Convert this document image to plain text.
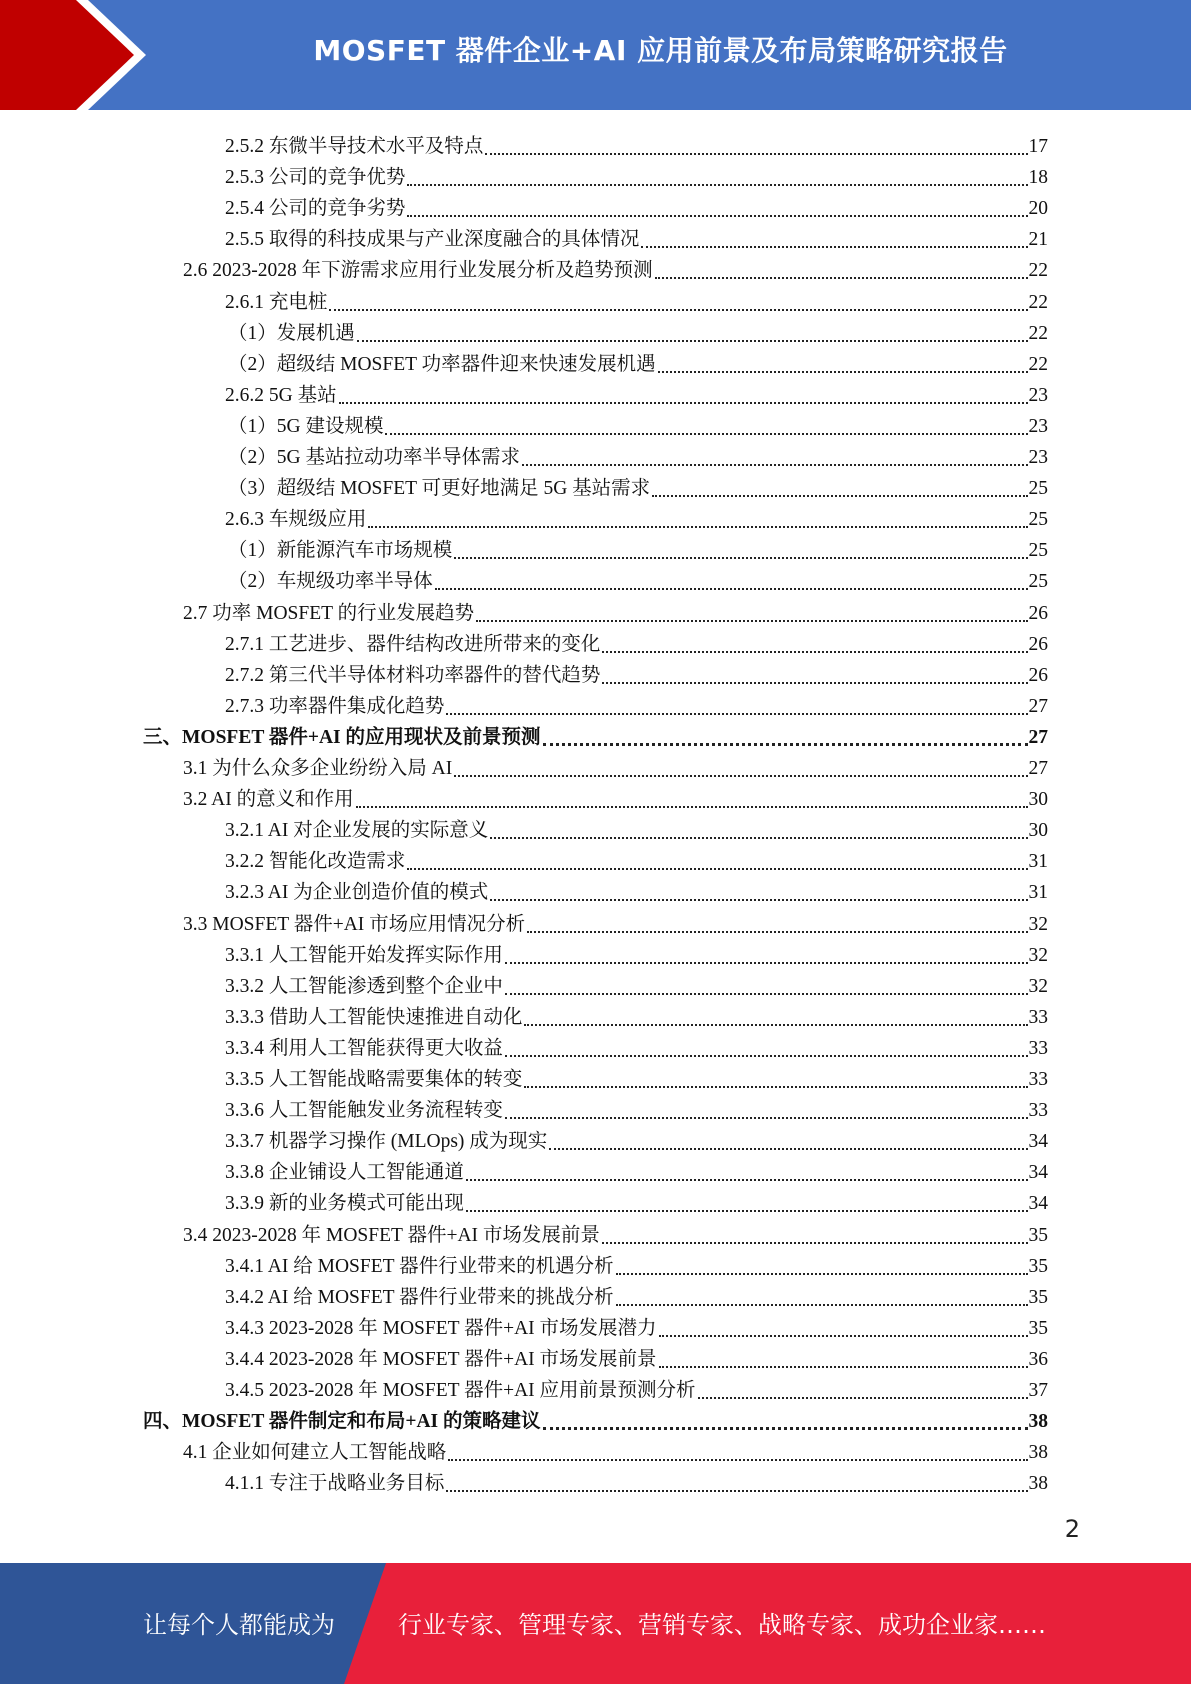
MOSFET 器件企业+AI 应用前景及布局策略研究报告
2.5.2 东微半导技术水平及特点	17
2.5.3 公司的竞争优势	18
2.5.4 公司的竞争劣势	20
2.5.5 取得的科技成果与产业深度融合的具体情况	21
2.6 2023-2028 年下游需求应用行业发展分析及趋势预测	22
2.6.1 充电桩	22
（1）发展机遇	22
（2）超级结 MOSFET 功率器件迎来快速发展机遇	22
2.6.2 5G 基站	23
（1）5G 建设规模	23
（2）5G 基站拉动功率半导体需求	23
（3）超级结 MOSFET 可更好地满足 5G 基站需求	25
2.6.3 车规级应用	25
（1）新能源汽车市场规模	25
（2）车规级功率半导体	25
2.7 功率 MOSFET 的行业发展趋势	26
2.7.1 工艺进步、器件结构改进所带来的变化	26
2.7.2 第三代半导体材料功率器件的替代趋势	26
2.7.3 功率器件集成化趋势	27
三、MOSFET 器件+AI 的应用现状及前景预测	27
3.1 为什么众多企业纷纷入局 AI	27
3.2 AI 的意义和作用	30
3.2.1 AI 对企业发展的实际意义	30
3.2.2 智能化改造需求	31
3.2.3 AI 为企业创造价值的模式	31
3.3 MOSFET 器件+AI 市场应用情况分析	32
3.3.1 人工智能开始发挥实际作用	32
3.3.2 人工智能渗透到整个企业中	32
3.3.3 借助人工智能快速推进自动化	33
3.3.4 利用人工智能获得更大收益	33
3.3.5 人工智能战略需要集体的转变	33
3.3.6 人工智能触发业务流程转变	33
3.3.7 机器学习操作 (MLOps) 成为现实	34
3.3.8 企业铺设人工智能通道	34
3.3.9 新的业务模式可能出现	34
3.4 2023-2028 年 MOSFET 器件+AI 市场发展前景	35
3.4.1 AI 给 MOSFET 器件行业带来的机遇分析	35
3.4.2 AI 给 MOSFET 器件行业带来的挑战分析	35
3.4.3 2023-2028 年 MOSFET 器件+AI 市场发展潜力	35
3.4.4 2023-2028 年 MOSFET 器件+AI 市场发展前景	36
3.4.5 2023-2028 年 MOSFET 器件+AI 应用前景预测分析	37
四、MOSFET 器件制定和布局+AI 的策略建议	38
4.1 企业如何建立人工智能战略	38
4.1.1 专注于战略业务目标	38
2
让每个人都能成为	行业专家、管理专家、营销专家、战略专家、成功企业家……
